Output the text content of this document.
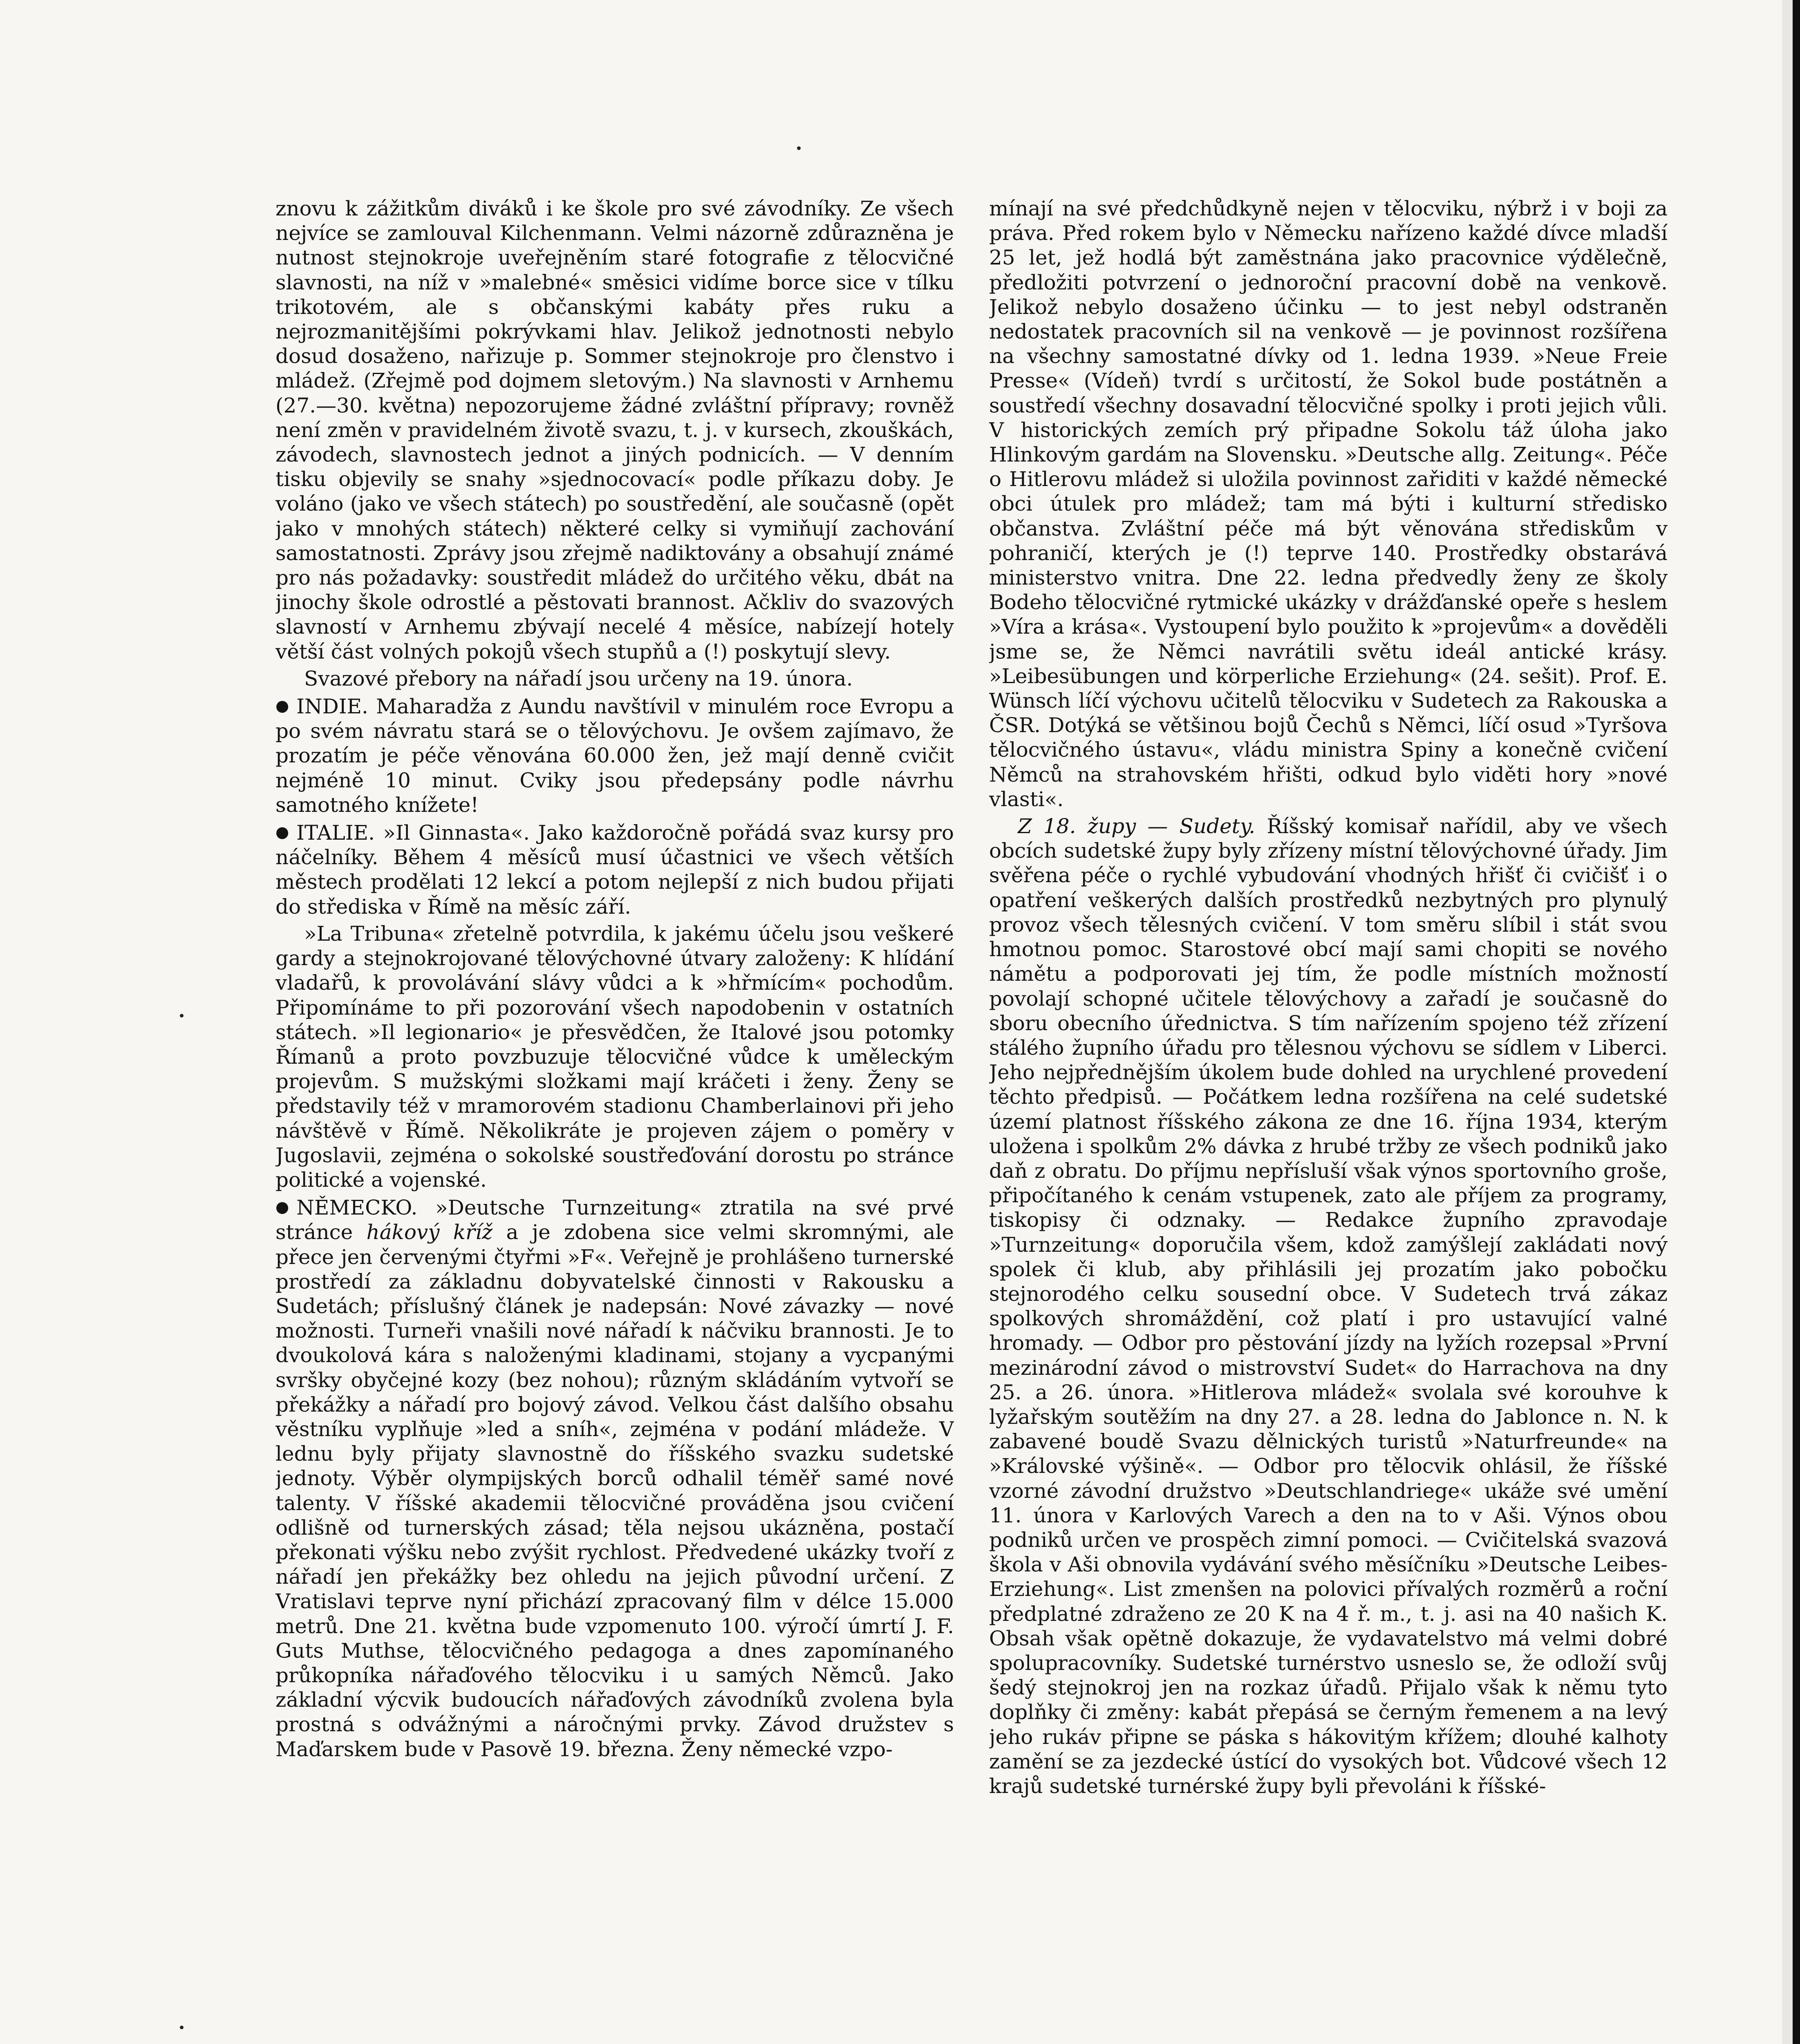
znovu k zážitkům diváků i ke škole pro své závodníky. Ze všech nejvíce se zamlouval Kilchenmann. Velmi názorně zdůrazněna je nutnost stejnokroje uveřejněním staré fotografie z tělocvičné slavnosti, na níž v »malebné« směsici vidíme borce sice v tílku trikotovém, ale s občanskými kabáty přes ruku a nejrozmanitějšími pokrývkami hlav. Jelikož jednotnosti nebylo dosud dosaženo, nařizuje p. Sommer stejnokroje pro členstvo i mládež. (Zřejmě pod dojmem sletovým.) Na slavnosti v Arnhemu (27.—30. května) nepozorujeme žádné zvláštní přípravy; rovněž není změn v pravidelném životě svazu, t. j. v kursech, zkouškách, závodech, slavnostech jednot a jiných podnicích. — V denním tisku objevily se snahy »sjednocovací« podle příkazu doby. Je voláno (jako ve všech státech) po soustředění, ale současně (opět jako v mnohých státech) některé celky si vymiňují zachování samostatnosti. Zprávy jsou zřejmě nadiktovány a obsahují známé pro nás požadavky: soustředit mládež do určitého věku, dbát na jinochy škole odrostlé a pěstovati brannost. Ačkliv do svazových slavností v Arnhemu zbývají necelé 4 měsíce, nabízejí hotely větší část volných pokojů všech stupňů a (!) poskytují slevy.

Svazové přebory na nářadí jsou určeny na 19. února.

● INDIE. Maharadža z Aundu navštívil v minulém roce Evropu a po svém návratu stará se o tělovýchovu. Je ovšem zajímavo, že prozatím je péče věnována 60.000 žen, jež mají denně cvičit nejméně 10 minut. Cviky jsou předepsány podle návrhu samotného knížete!

● ITALIE. »Il Ginnasta«. Jako každoročně pořádá svaz kursy pro náčelníky. Během 4 měsíců musí účastnici ve všech větších městech prodělati 12 lekcí a potom nejlepší z nich budou přijati do střediska v Římě na měsíc září.

»La Tribuna« zřetelně potvrdila, k jakému účelu jsou veškeré gardy a stejnokrojované tělovýchovné útvary založeny: K hlídání vladařů, k provolávání slávy vůdci a k »hřmícím« pochodům. Připomínáme to při pozorování všech napodobenin v ostatních státech. »Il legionario« je přesvědčen, že Italové jsou potomky Římanů a proto povzbuzuje tělocvičné vůdce k uměleckým projevům. S mužskými složkami mají kráčeti i ženy. Ženy se představily též v mramorovém stadionu Chamberlainovi při jeho návštěvě v Římě. Několikráte je projeven zájem o poměry v Jugoslavii, zejména o sokolské soustřeďování dorostu po stránce politické a vojenské.

● NĚMECKO. »Deutsche Turnzeitung« ztratila na své prvé stránce hákový kříž a je zdobena sice velmi skromnými, ale přece jen červenými čtyřmi »F«. Veřejně je prohlášeno turnerské prostředí za základnu dobyvatelské činnosti v Rakousku a Sudetách; příslušný článek je nadepsán: Nové závazky — nové možnosti. Turneři vnašili nové nářadí k náčviku brannosti. Je to dvoukolová kára s naloženými kladinami, stojany a vycpanými svršky obyčejné kozy (bez nohou); různým skládáním vytvoří se překážky a nářadí pro bojový závod. Velkou část dalšího obsahu věstníku vyplňuje »led a sníh«, zejména v podání mládeže. V lednu byly přijaty slavnostně do říšského svazku sudetské jednoty. Výběr olympijských borců odhalil téměř samé nové talenty. V říšské akademii tělocvičné prováděna jsou cvičení odlišně od turnerských zásad; těla nejsou ukázněna, postačí překonati výšku nebo zvýšit rychlost. Předvedené ukázky tvoří z nářadí jen překážky bez ohledu na jejich původní určení. Z Vratislavi teprve nyní přichází zpracovaný film v délce 15.000 metrů. Dne 21. května bude vzpomenuto 100. výročí úmrtí J. F. Guts Muthse, tělocvičného pedagoga a dnes zapomínaného průkopníka nářaďového tělocviku i u samých Němců. Jako základní výcvik budoucích nářaďových závodníků zvolena byla prostná s odvážnými a náročnými prvky. Závod družstev s Maďarskem bude v Pasově 19. března. Ženy německé vzpo-

mínají na své předchůdkyně nejen v tělocviku, nýbrž i v boji za práva. Před rokem bylo v Německu nařízeno každé dívce mladší 25 let, jež hodlá být zaměstnána jako pracovnice výdělečně, předložiti potvrzení o jednoroční pracovní době na venkově. Jelikož nebylo dosaženo účinku — to jest nebyl odstraněn nedostatek pracovních sil na venkově — je povinnost rozšířena na všechny samostatné dívky od 1. ledna 1939. »Neue Freie Presse« (Vídeň) tvrdí s určitostí, že Sokol bude postátněn a soustředí všechny dosavadní tělocvičné spolky i proti jejich vůli. V historických zemích prý připadne Sokolu táž úloha jako Hlinkovým gardám na Slovensku. »Deutsche allg. Zeitung«. Péče o Hitlerovu mládež si uložila povinnost zařiditi v každé německé obci útulek pro mládež; tam má býti i kulturní středisko občanstva. Zvláštní péče má být věnována střediskům v pohraničí, kterých je (!) teprve 140. Prostředky obstarává ministerstvo vnitra. Dne 22. ledna předvedly ženy ze školy Bodeho tělocvičné rytmické ukázky v drážďanské opeře s heslem »Víra a krása«. Vystoupení bylo použito k »projevům« a dověděli jsme se, že Němci navrátili světu ideál antické krásy. »Leibesübungen und körperliche Erziehung« (24. sešit). Prof. E. Wünsch líčí výchovu učitelů tělocviku v Sudetech za Rakouska a ČSR. Dotýká se většinou bojů Čechů s Němci, líčí osud »Tyršova tělocvičného ústavu«, vládu ministra Spiny a konečně cvičení Němců na strahovském hřišti, odkud bylo viděti hory »nové vlasti«.

Z 18. župy — Sudety. Říšský komisař nařídil, aby ve všech obcích sudetské župy byly zřízeny místní tělovýchovné úřady. Jim svěřena péče o rychlé vybudování vhodných hřišť či cvičišť i o opatření veškerých dalších prostředků nezbytných pro plynulý provoz všech tělesných cvičení. V tom směru slíbil i stát svou hmotnou pomoc. Starostové obcí mají sami chopiti se nového námětu a podporovati jej tím, že podle místních možností povolají schopné učitele tělovýchovy a zařadí je současně do sboru obecního úřednictva. S tím nařízením spojeno též zřízení stálého župního úřadu pro tělesnou výchovu se sídlem v Liberci. Jeho nejpřednějším úkolem bude dohled na urychlené provedení těchto předpisů. — Počátkem ledna rozšířena na celé sudetské území platnost říšského zákona ze dne 16. října 1934, kterým uložena i spolkům 2% dávka z hrubé tržby ze všech podniků jako daň z obratu. Do příjmu nepřísluší však výnos sportovního groše, připočítaného k cenám vstupenek, zato ale příjem za programy, tiskopisy či odznaky. — Redakce župního zpravodaje »Turnzeitung« doporučila všem, kdož zamýšlejí zakládati nový spolek či klub, aby přihlásili jej prozatím jako pobočku stejnorodého celku sousední obce. V Sudetech trvá zákaz spolkových shromáždění, což platí i pro ustavující valné hromady. — Odbor pro pěstování jízdy na lyžích rozepsal »První mezinárodní závod o mistrovství Sudet« do Harrachova na dny 25. a 26. února. »Hitlerova mládež« svolala své korouhve k lyžařským soutěžím na dny 27. a 28. ledna do Jablonce n. N. k zabavené boudě Svazu dělnických turistů »Naturfreunde« na »Královské výšině«. — Odbor pro tělocvik ohlásil, že říšské vzorné závodní družstvo »Deutschlandriege« ukáže své umění 11. února v Karlových Varech a den na to v Aši. Výnos obou podniků určen ve prospěch zimní pomoci. — Cvičitelská svazová škola v Aši obnovila vydávání svého měsíčníku »Deutsche Leibes-Erziehung«. List zmenšen na polovici přívalých rozměrů a roční předplatné zdraženo ze 20 K na 4 ř. m., t. j. asi na 40 našich K. Obsah však opětně dokazuje, že vydavatelstvo má velmi dobré spolupracovníky. Sudetské turnérstvo usneslo se, že odloží svůj šedý stejnokroj jen na rozkaz úřadů. Přijalo však k němu tyto doplňky či změny: kabát přepásá se černým řemenem a na levý jeho rukáv připne se páska s hákovitým křížem; dlouhé kalhoty zamění se za jezdecké ústící do vysokých bot. Vůdcové všech 12 krajů sudetské turnérské župy byli převoláni k říšské-
